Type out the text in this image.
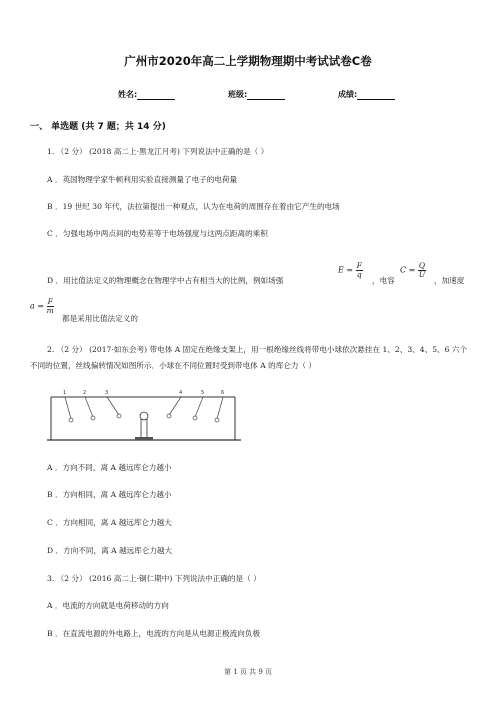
广州市2020年高二上学期物理期中考试试卷C卷
姓名:	班级:	成绩:
一、 单选题 (共 7 题；共 14 分)
1. （2 分） (2018 高二上·黑龙江月考) 下列说法中正确的是（ ）
A ．英国物理学家牛顿利用实验直接测量了电子的电荷量
B ．19 世纪 30 年代，法拉第提出一种观点，认为在电荷的周围存在着由它产生的电场
C ．匀强电场中两点间的电势差等于电场强度与这两点距离的乘积
D ．用比值法定义的物理概念在物理学中占有相当大的比例，例如场强
$E = \frac{F}{q}$
，电容
$C = \frac{Q}{U}$
，加速度
$a = \frac{F}{m}$
都是采用比值法定义的
2. （2 分） (2017·如东会考) 带电体 A 固定在绝缘支架上，用一根绝缘丝线将带电小球依次悬挂在 1、2、3、4、5、6 六个不同的位置，丝线偏转情况如图所示．小球在不同位置时受到带电体 A 的库仑力（ ）
1	2	3	4	5	6
A ．方向不同，离 A 越远库仑力越小
B ．方向相同，离 A 越远库仑力越小
C ．方向相同，离 A 越远库仑力越大
D ．方向不同，离 A 越远库仑力越大
3. （2 分） (2016 高二上·铜仁期中) 下列说法中正确的是（ ）
A ．电流的方向就是电荷移动的方向
B ．在直流电源的外电路上，电流的方向是从电源正极流向负极
第 1 页 共 9 页
